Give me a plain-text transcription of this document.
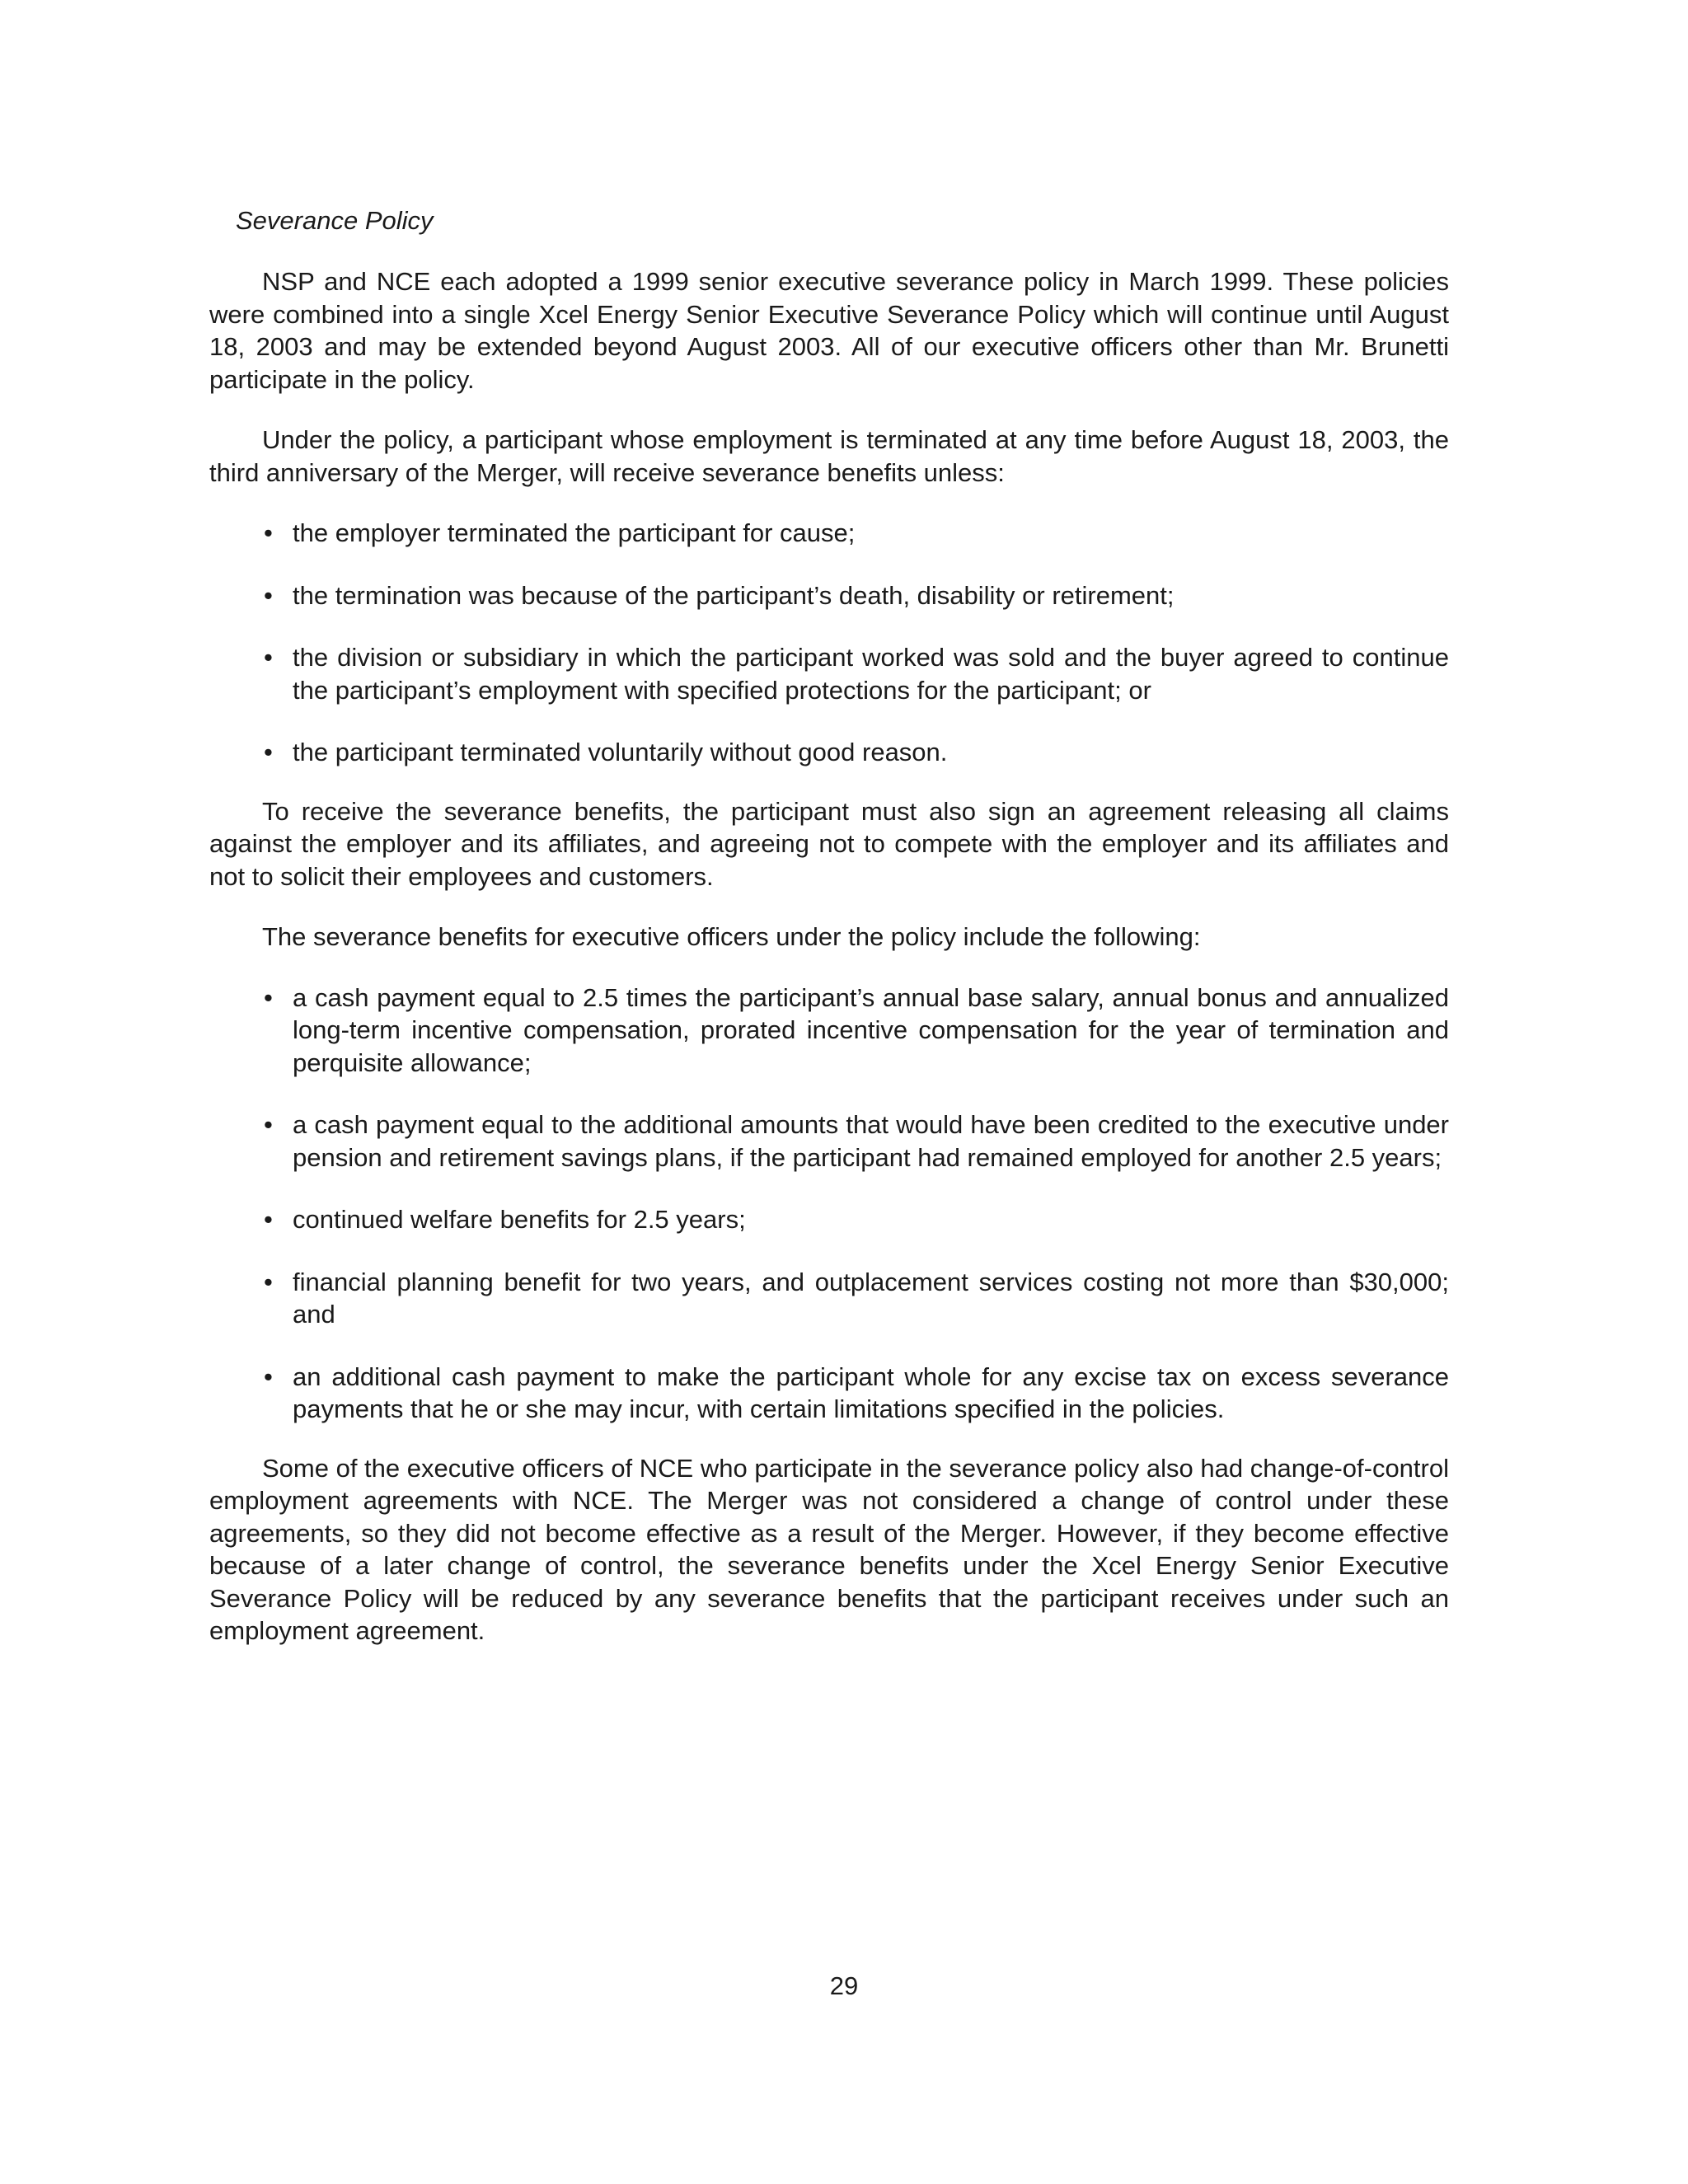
Severance Policy

NSP and NCE each adopted a 1999 senior executive severance policy in March 1999. These policies were combined into a single Xcel Energy Senior Executive Severance Policy which will continue until August 18, 2003 and may be extended beyond August 2003. All of our executive officers other than Mr. Brunetti participate in the policy.

Under the policy, a participant whose employment is terminated at any time before August 18, 2003, the third anniversary of the Merger, will receive severance benefits unless:

• the employer terminated the participant for cause;
• the termination was because of the participant’s death, disability or retirement;
• the division or subsidiary in which the participant worked was sold and the buyer agreed to continue the participant’s employment with specified protections for the participant; or
• the participant terminated voluntarily without good reason.

To receive the severance benefits, the participant must also sign an agreement releasing all claims against the employer and its affiliates, and agreeing not to compete with the employer and its affiliates and not to solicit their employees and customers.

The severance benefits for executive officers under the policy include the following:

• a cash payment equal to 2.5 times the participant’s annual base salary, annual bonus and annualized long-term incentive compensation, prorated incentive compensation for the year of termination and perquisite allowance;
• a cash payment equal to the additional amounts that would have been credited to the executive under pension and retirement savings plans, if the participant had remained employed for another 2.5 years;
• continued welfare benefits for 2.5 years;
• financial planning benefit for two years, and outplacement services costing not more than $30,000; and
• an additional cash payment to make the participant whole for any excise tax on excess severance payments that he or she may incur, with certain limitations specified in the policies.

Some of the executive officers of NCE who participate in the severance policy also had change-of-control employment agreements with NCE. The Merger was not considered a change of control under these agreements, so they did not become effective as a result of the Merger. However, if they become effective because of a later change of control, the severance benefits under the Xcel Energy Senior Executive Severance Policy will be reduced by any severance benefits that the participant receives under such an employment agreement.

29
